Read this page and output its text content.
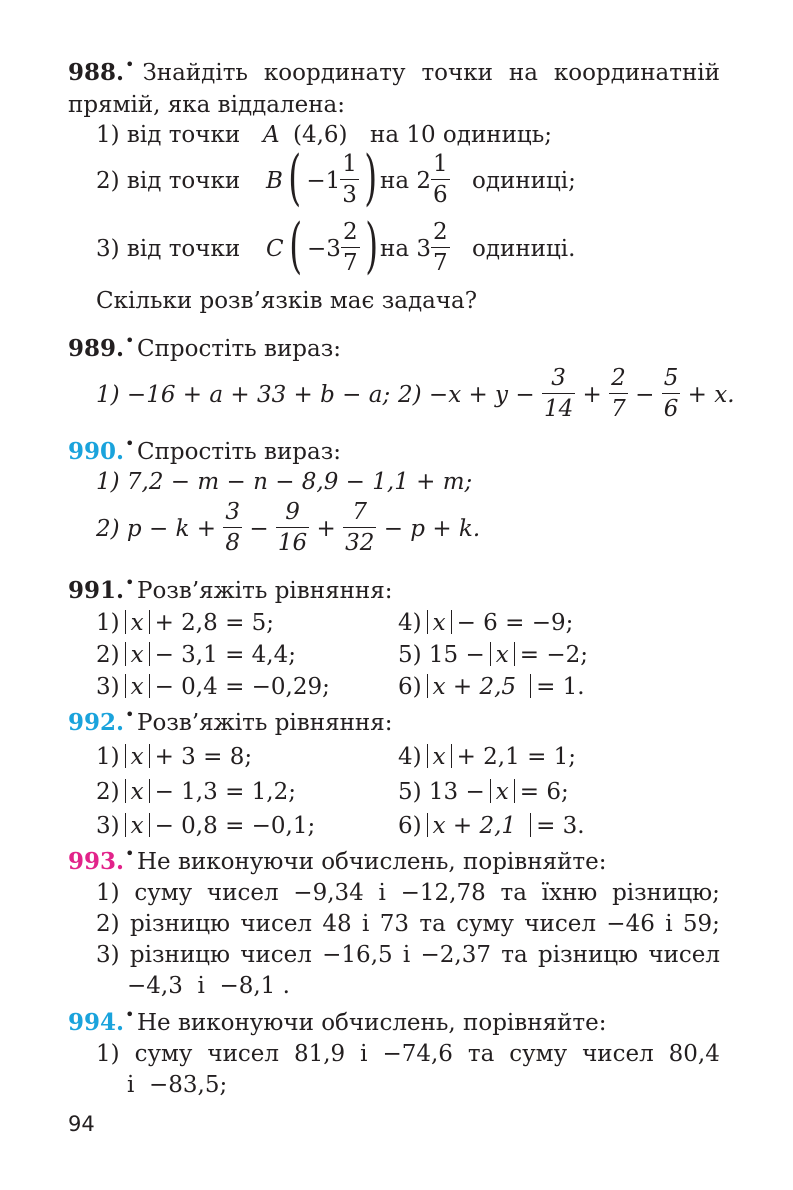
988.• Знайдіть координату точки на координатній
прямій, яка віддалена:
1) від точки A (4,6) на 10 одиниць;
2) від точки $B( -1 \frac{1}{3}$ ) на $2 \frac{1}{6}$ одиниці;
3) від точки $C( -3 \frac{2}{7}$ ) на $3 \frac{2}{7}$ одиниці.
Скільки розв’язків має задача?
989.• Спростіть вираз:
1) −16 + a + 33 + b − a; $2) -x + y - \frac{3}{14} + \frac{2}{7} - \frac{5}{6} + x$.
990.• Спростіть вираз:
1) 7,2 − m − n − 8,9 − 1,1 + m;
2) $p - k + \frac{3}{8} - \frac{9}{16} + \frac{7}{32} - p + k$.
991.• Розв’яжіть рівняння:
1) x + 2,8 = 5;	4) x − 6 = −9;
2) x − 3,1 = 4,4;	5) 15 − x = −2;
3) x − 0,4 = −0,29;	6) x + 2,5 = 1.
992.• Розв’яжіть рівняння:
1) x + 3 = 8;	4) x + 2,1 = 1;
2) x − 1,3 = 1,2;	5) 13 − x = 6;
3) x − 0,8 = −0,1;	6) x + 2,1 = 3.
993.• Не виконуючи обчислень, порівняйте:
1) суму чисел −9,34 і −12,78 та їхню різницю;
2) різницю чисел 48 і 73 та суму чисел −46 і 59;
3) різницю чисел −16,5 і −2,37 та різницю чисел
−4,3  і  −8,1 .
994.• Не виконуючи обчислень, порівняйте:
1) суму чисел 81,9 і −74,6 та суму чисел 80,4
і  −83,5;
94
